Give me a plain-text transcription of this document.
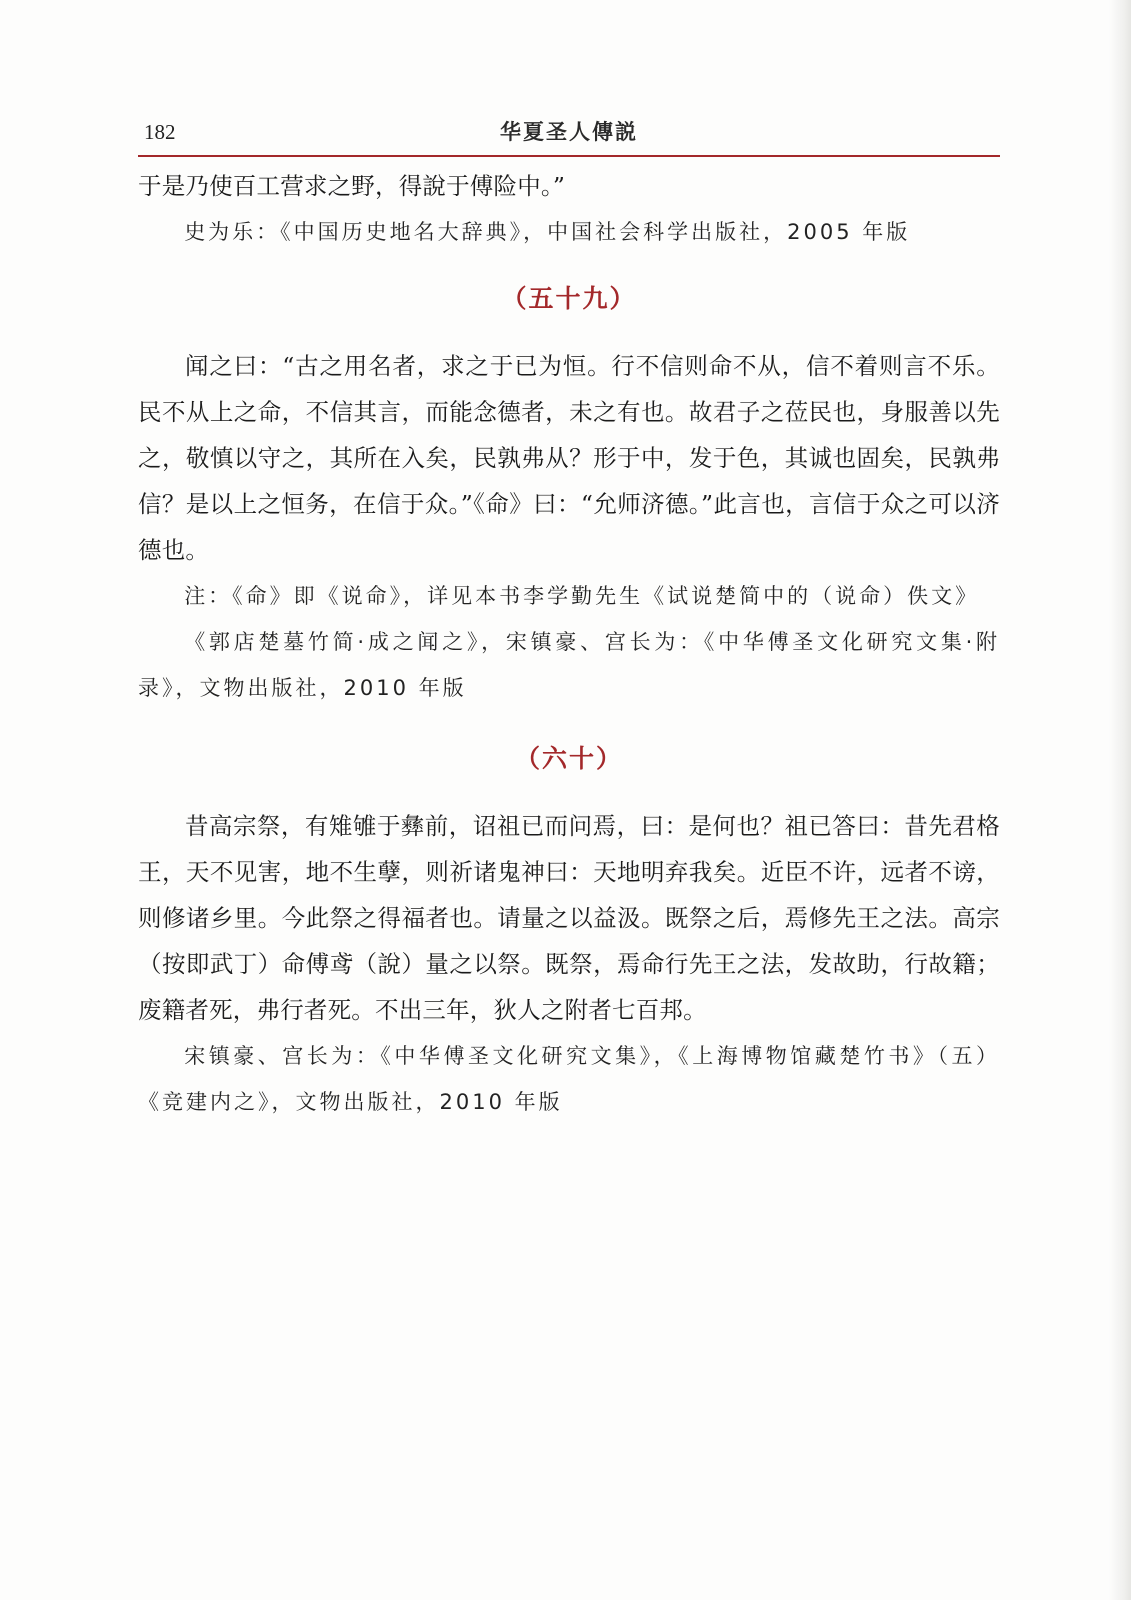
182	华夏圣人傳説

于是乃使百工营求之野，得說于傅险中。”

史为乐：《中国历史地名大辞典》，中国社会科学出版社，2005 年版

（五十九）

闻之曰：“古之用名者，求之于已为恒。行不信则命不从，信不着则言不乐。民不从上之命，不信其言，而能念德者，未之有也。故君子之莅民也，身服善以先之，敬慎以守之，其所在入矣，民孰弗从？形于中，发于色，其诚也固矣，民孰弗信？是以上之恒务，在信于众。”《命》曰：“允师济德。”此言也，言信于众之可以济德也。

注：《命》即《说命》，详见本书李学勤先生《试说楚简中的（说命）佚文》

《郭店楚墓竹简·成之闻之》，宋镇豪、宫长为：《中华傅圣文化研究文集·附录》，文物出版社，2010 年版

（六十）

昔高宗祭，有雉雊于彝前，诏祖已而问焉，曰：是何也？祖已答曰：昔先君格王，天不见害，地不生孽，则祈诸鬼神曰：天地明弃我矣。近臣不许，远者不谤，则修诸乡里。今此祭之得福者也。请量之以益汲。既祭之后，焉修先王之法。高宗（按即武丁）命傅鸢（說）量之以祭。既祭，焉命行先王之法，发故助，行故籍；废籍者死，弗行者死。不出三年，狄人之附者七百邦。

宋镇豪、宫长为：《中华傅圣文化研究文集》，《上海博物馆藏楚竹书》（五）《竞建内之》，文物出版社，2010 年版
